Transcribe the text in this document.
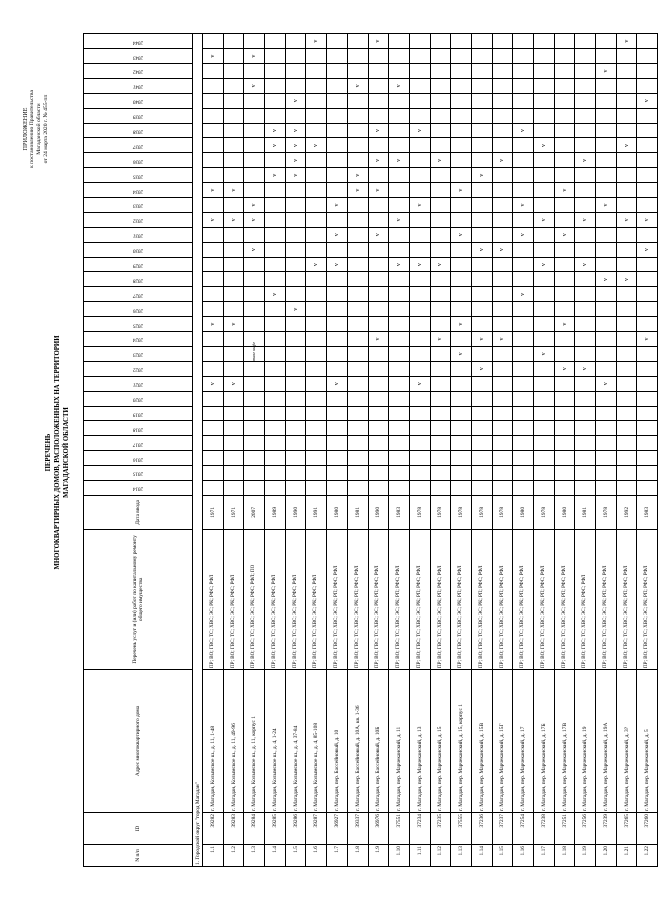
ПРИЛОЖЕНИЕ к постановлению Правительства Магаданской области от 24 марта 2020 г. № 455-пп
ПЕРЕЧЕНЬ МНОГОКВАРТИРНЫХ ДОМОВ, РАСПОЛОЖЕННЫХ НА ТЕРРИТОРИИ МАГАДАНСКОЙ ОБЛАСТИ
N п/п	ID	Адрес многоквартирного дома	Перечень услуг и (или) работ по капитальному ремонту общего имущества	Дата ввода	2014	2015	2016	2017	2018	2019	2020	2021	2022	2023	2024	2025	2026	2027	2028	2029	2030	2031	2032	2033	2034	2035	2036	2037	2038	2039	2040	2041	2042	2043	2044
1. Городской округ "город Магадан"																																			
1.1	39282	г. Магадан, Колымское ш., д. 11, 1-48	ПР; ВО; ГВС; ТС; ХВС; ЭС; РК; РФС; РФЛ	1971								v				v							v		v									v	
1.2	39283	г. Магадан, Колымское ш., д. 11, 49-96	ПР; ВО; ГВС; ТС; ХВС; ЭС; РК; РФС; РФЛ	1971								v				v							v		v										
1.3	39284	г. Магадан, Колымское ш., д. 11, корпус 1	ПР; ВО; ГВС; ТС; ХВС; ЭС; РК; РФС; РФЛ; ПО	2007										тавг инфг							v		v	v								v		v	
1.4	39285	г. Магадан, Колымское ш., д. 4, 1-24	ПР; ВО; ГВС; ТС; ХВС; ЭС; РК; РФС; РФЛ	1989														v								v		v	v						
1.5	39286	г. Магадан, Колымское ш., д. 4, 37-84	ПР; ВО; ГВС; ТС; ХВС; ЭС; РК; РФС; РФЛ	1990													v									v	v	v	v		v				
1.6	39287	г. Магадан, Колымское ш., д. 4, 85-108	ПР; ВО; ГВС; ТС; ХВС; ЭС; РК; РФС; РФЛ	1991																v								v							v
1.7	36927	г. Магадан, пер. Бассейновый, д. 10	ПР; ВО; ГВС; ТС; ХВС; ЭС; РК; РП; РФС; РФЛ	1980								v								v		v		v											
1.8	39337	г. Магадан, пер. Бассейновый, д. 10А, кв. 1-36	ПР; ВО; ГВС; ТС; ХВС; ЭС; РК; РП; РФС; РФЛ	1981																					v	v						v			
1.9	36976	г. Магадан, пер. Бассейновый, д. 10Б	ПР; ВО; ГВС; ТС; ХВС; ЭС; РК; РП; РФС; РФЛ	1990											v							v			v		v		v						v
1.10	37551	г. Магадан, пер. Марчеканский, д. 11	ПР; ВО; ГВС; ТС; ХВС; ЭС; РК; РП; РФС; РФЛ	1983																v			v				v					v			
1.11	37234	г. Магадан, пер. Марчеканский, д. 13	ПР; ВО; ГВС; ТС; ХВС; ЭС; РК; РП; РФС; РФЛ	1978								v								v				v					v						
1.12	37235	г. Магадан, пер. Марчеканский, д. 15	ПР; ВО; ГВС; ТС; ХВС; ЭС; РК; РП; РФС; РФЛ	1978											v					v							v								
1.13	37555	г. Магадан, пер. Марчеканский, д. 15, корпус 1	ПР; ВО; ГВС; ТС; ХВС; ЭС; РК; РП; РФС; РФЛ	1978										v		v						v			v										
1.14	37236	г. Магадан, пер. Марчеканский, д. 15В	ПР; ВО; ГВС; ТС; ХВС; ЭС; РК; РП; РФС; РФЛ	1978									v		v						v					v									
1.15	37237	г. Магадан, пер. Марчеканский, д. 15Г	ПР; ВО; ГВС; ТС; ХВС; ЭС; РК; РП; РФС; РФЛ	1978											v						v						v								
1.16	37254	г. Магадан, пер. Марчеканский, д. 17	ПР; ВО; ГВС; ТС; ХВС; ЭС; РК; РП; РФС; РФЛ	1980														v				v		v					v						
1.17	37238	г. Магадан, пер. Марчеканский, д. 17Б	ПР; ВО; ГВС; ТС; ХВС; ЭС; РК; РП; РФС; РФЛ	1978										v						v			v					v							
1.18	37251	г. Магадан, пер. Марчеканский, д. 17В	ПР; ВО; ГВС; ТС; ХВС; ЭС; РК; РП; РФС; РФЛ	1980									v			v						v			v										
1.19	37256	г. Магадан, пер. Марчеканский, д. 19	ПР; ВО; ГВС; ТС; ХВС; ЭС; РК; РФС; РФЛ	1981									v							v			v				v								
1.20	37239	г. Магадан, пер. Марчеканский, д. 19А	ПР; ВО; ГВС; ТС; ХВС; ЭС; РК; РП; РФС; РФЛ	1978								v							v					v									v		
1.21	37265	г. Магадан, пер. Марчеканский, д. 3?	ПР; ВО; ГВС; ТС; ХВС; ЭС; РК; РП; РФС; РФЛ	1992															v				v					v							v
1.22	37260	г. Магадан, пер. Марчеканский, д. 5	ПР; ВО; ГВС; ТС; ХВС; ЭС; РК; РП; РФС; РФЛ	1983											v						v		v								v				
